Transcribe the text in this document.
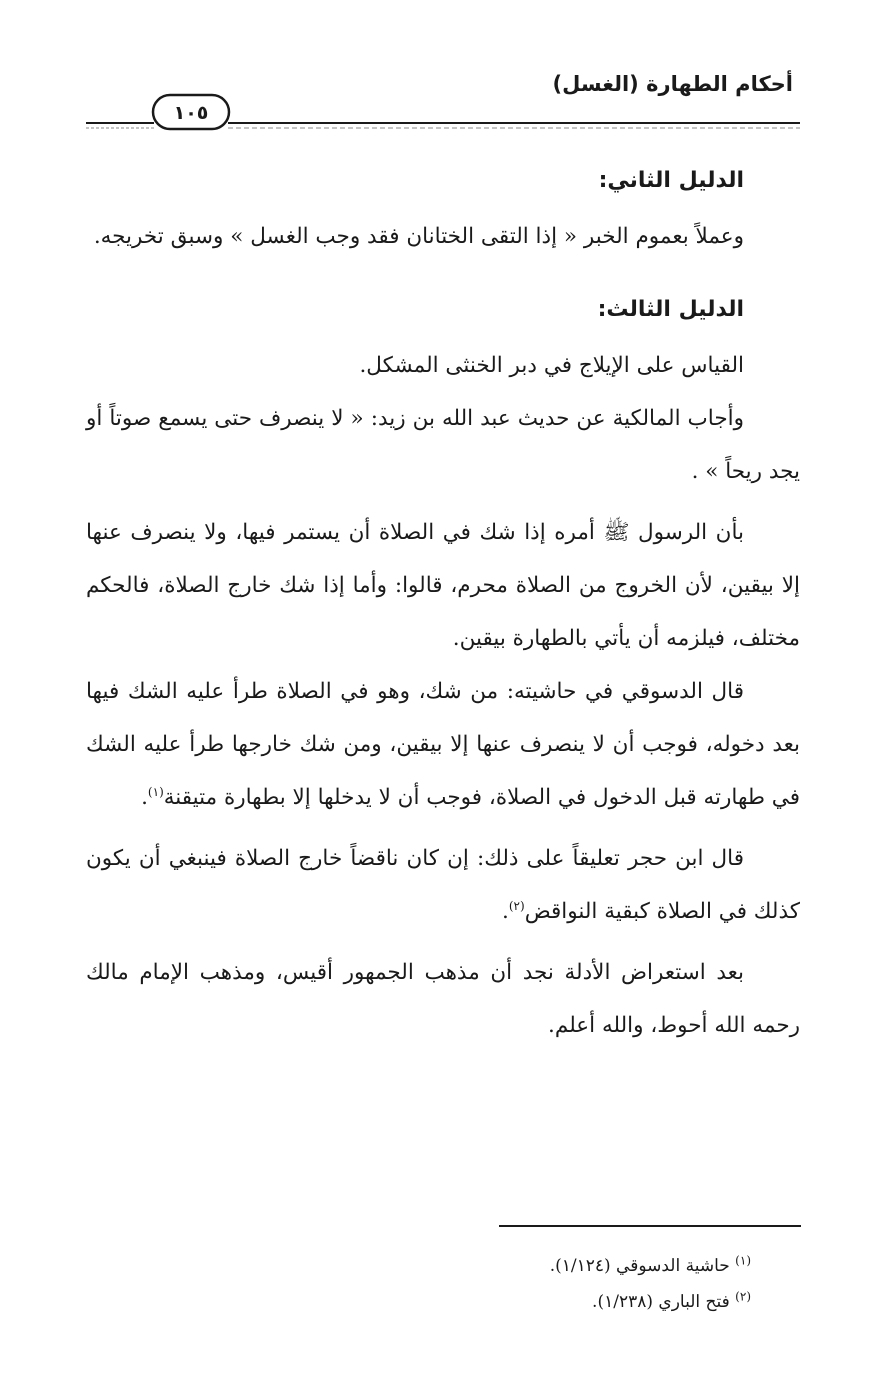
أحكام الطهارة (الغسل)
١٠٥
الدليل الثاني:

وعملاً بعموم الخبر « إذا التقى الختانان فقد وجب الغسل » وسبق تخريجه.

الدليل الثالث:

القياس على الإيلاج في دبر الخنثى المشكل.

وأجاب المالكية عن حديث عبد الله بن زيد: « لا ينصرف حتى يسمع صوتاً أو يجد ريحاً » .

بأن الرسول ﷺ أمره إذا شك في الصلاة أن يستمر فيها، ولا ينصرف عنها إلا بيقين، لأن الخروج من الصلاة محرم، قالوا: وأما إذا شك خارج الصلاة، فالحكم مختلف، فيلزمه أن يأتي بالطهارة بيقين.

قال الدسوقي في حاشيته: من شك، وهو في الصلاة طرأ عليه الشك فيها بعد دخوله، فوجب أن لا ينصرف عنها إلا بيقين، ومن شك خارجها طرأ عليه الشك في طهارته قبل الدخول في الصلاة، فوجب أن لا يدخلها إلا بطهارة متيقنة$^{(١)}$.

قال ابن حجر تعليقاً على ذلك: إن كان ناقضاً خارج الصلاة فينبغي أن يكون كذلك في الصلاة كبقية النواقض$^{(٢)}$.

بعد استعراض الأدلة نجد أن مذهب الجمهور أقيس، ومذهب الإمام مالك رحمه الله أحوط، والله أعلم.

$^{(١)}$ حاشية الدسوقي (١/١٢٤).

$^{(٢)}$ فتح الباري (١/٢٣٨).
